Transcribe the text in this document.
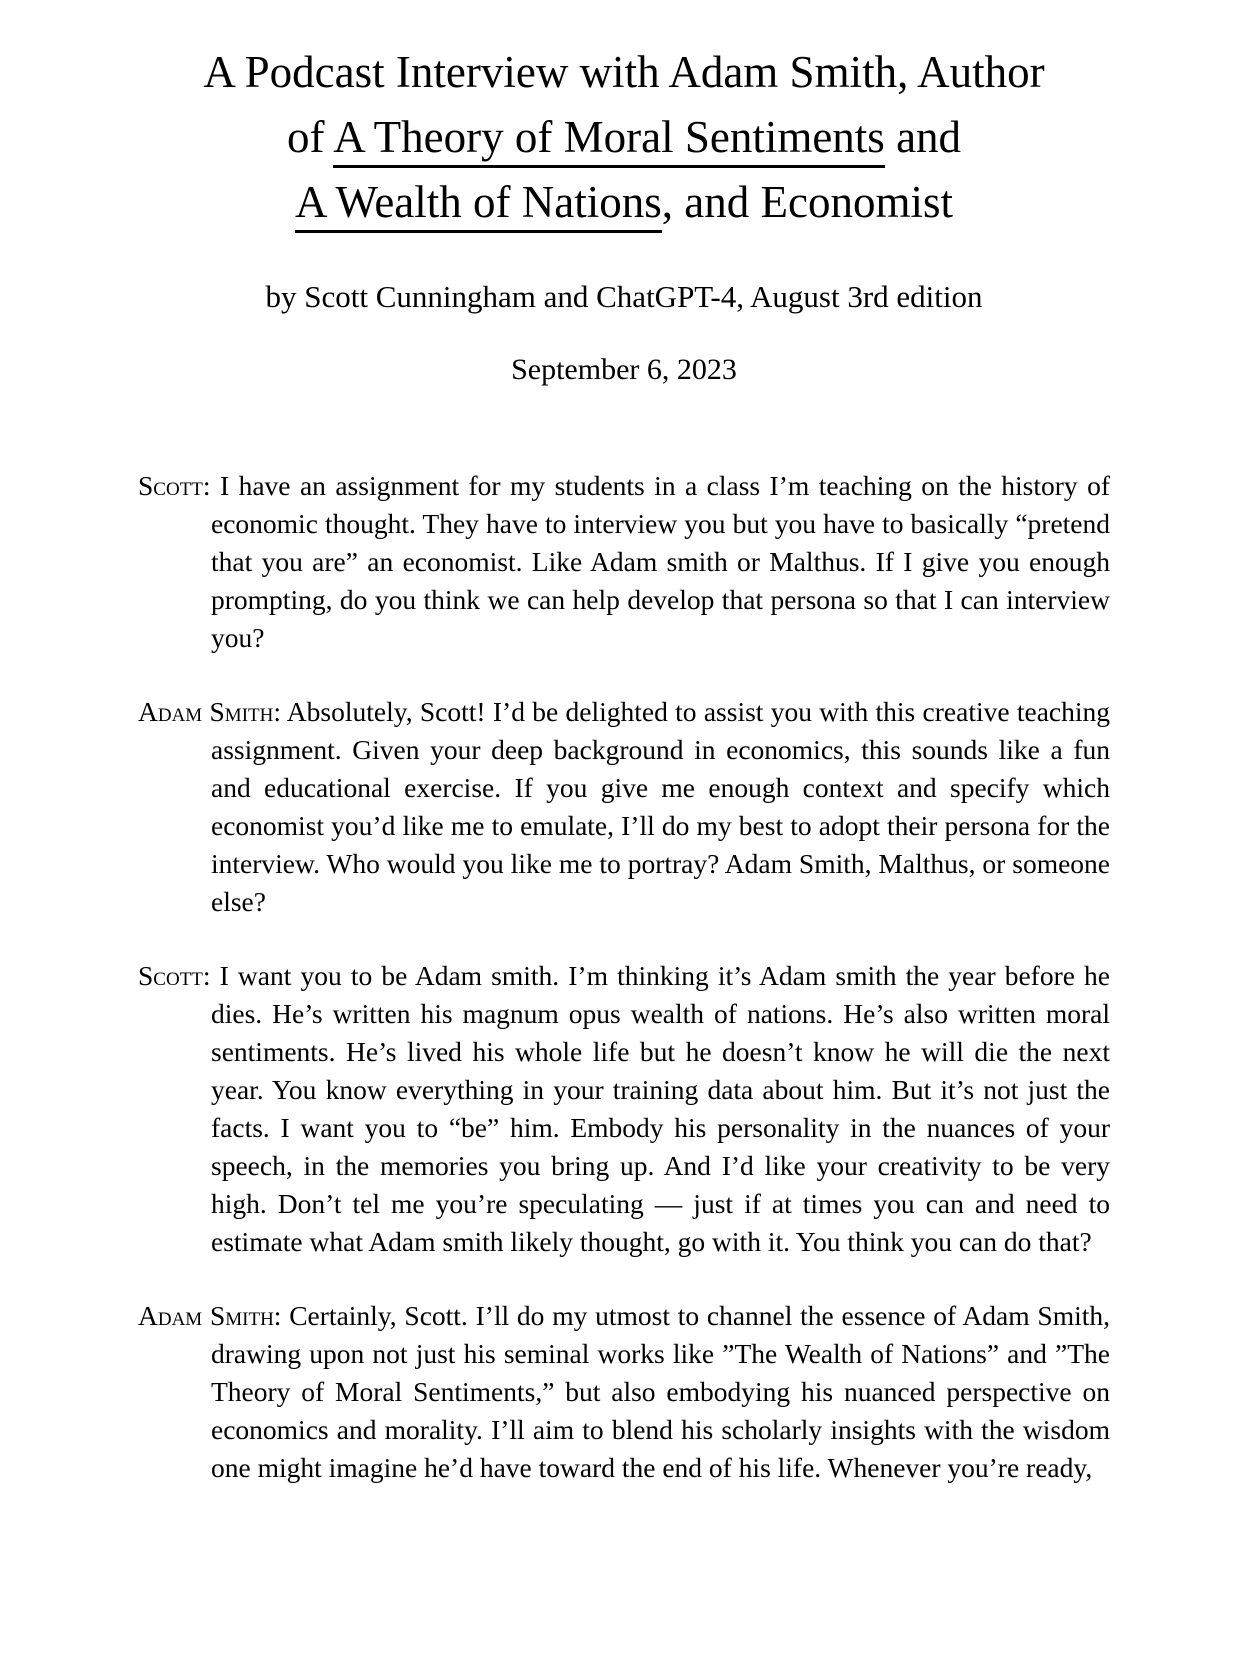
A Podcast Interview with Adam Smith, Author
of A Theory of Moral Sentiments and
A Wealth of Nations, and Economist
by Scott Cunningham and ChatGPT-4, August 3rd edition
September 6, 2023

Scott: I have an assignment for my students in a class I’m teaching on the history of economic thought. They have to interview you but you have to basically “pretend that you are” an economist. Like Adam smith or Malthus. If I give you enough prompting, do you think we can help develop that persona so that I can interview you?

Adam Smith: Absolutely, Scott! I’d be delighted to assist you with this creative teaching assignment. Given your deep background in economics, this sounds like a fun and educational exercise. If you give me enough context and specify which economist you’d like me to emulate, I’ll do my best to adopt their persona for the interview. Who would you like me to portray? Adam Smith, Malthus, or someone else?

Scott: I want you to be Adam smith. I’m thinking it’s Adam smith the year before he dies. He’s written his magnum opus wealth of nations. He’s also written moral sentiments. He’s lived his whole life but he doesn’t know he will die the next year. You know everything in your training data about him. But it’s not just the facts. I want you to “be” him. Embody his personality in the nuances of your speech, in the memories you bring up. And I’d like your creativity to be very high. Don’t tel me you’re speculating — just if at times you can and need to estimate what Adam smith likely thought, go with it. You think you can do that?

Adam Smith: Certainly, Scott. I’ll do my utmost to channel the essence of Adam Smith, drawing upon not just his seminal works like ”The Wealth of Nations” and ”The Theory of Moral Sentiments,” but also embodying his nuanced perspective on economics and morality. I’ll aim to blend his scholarly insights with the wisdom one might imagine he’d have toward the end of his life. Whenever you’re ready,
